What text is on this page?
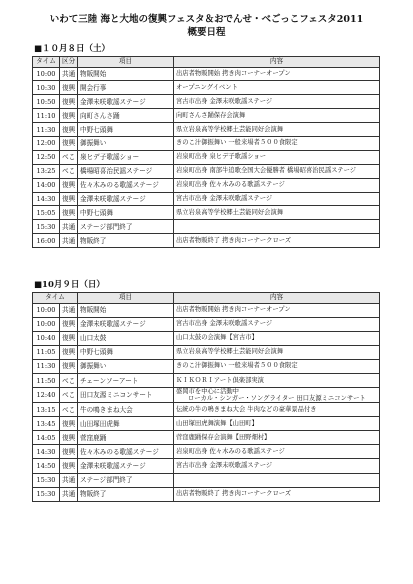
いわて三陸 海と大地の復興フェスタ＆おでんせ・べごっこフェスタ2011
概要日程
■１０月８日（土）
タイム	区分	項目	内容
10:00	共通	物販開始	出店者物販開始 拷き肉コーナーオープン
10:30	復興	開会行事	オープニングイベント
10:50	復興	金澤未咲歌謡ステージ	宮古市出身 金澤未咲歌謡ステージ
11:10	復興	向町さんさ踊	向町さんさ踊保存会演舞
11:30	復興	中野七頭舞	県立岩泉高等学校郷土芸能同好会演舞
12:00	復興	御振舞い	きのこ汁御振舞い 一般来場者５００食限定
12:50	べこ	泉ヒデ子歌謡ショー	岩泉町出身 泉ヒデ子歌謡ショー
13:25	べこ	橋場昭喜治民謡ステージ	岩泉町出身 南部牛追歌全国大会優勝者 橋場昭喜治民謡ステージ
14:00	復興	佐々木みのる歌謡ステージ	岩泉町出身 佐々木みのる歌謡ステージ
14:30	復興	金澤未咲歌謡ステージ	宮古市出身 金澤未咲歌謡ステージ
15:05	復興	中野七頭舞	県立岩泉高等学校郷土芸能同好会演舞
15:30	共通	ステージ部門終了	
16:00	共通	物販終了	出店者物販終了 拷き肉コーナークローズ
■10月９日（日）
タイム		項目	内容
10:00	共通	物販開始	出店者物販開始 拷き肉コーナーオープン
10:00	復興	金澤未咲歌謡ステージ	宮古市出身 金澤未咲歌謡ステージ
10:40	復興	山口太鼓	山口太鼓の会演舞【宮古市】
11:05	復興	中野七頭舞	県立岩泉高等学校郷土芸能同好会演舞
11:30	復興	御振舞い	きのこ汁御振舞い 一般来場者５００食限定
11:50	べこ	チェーンソーアート	ＫＩＫＯＲＩアート倶楽部実演
12:40	べこ	田口友源ミニコンサート	盛岡市を中心に活動中
ローカル・シンガー・ソングライター 田口友源ミニコンサート

13:15	べこ	牛の鳴きまね大会	伝統の牛の鳴きまね大会 牛肉などの豪華景品付き
13:45	復興	山田塚田虎舞	山田塚田虎舞演舞【山田町】
14:05	復興	菅窪鹿踊	菅窪鹿踊保存会演舞【田野畑村】
14:30	復興	佐々木みのる歌謡ステージ	岩泉町出身 佐々木みのる歌謡ステージ
14:50	復興	金澤未咲歌謡ステージ	宮古市出身 金澤未咲歌謡ステージ
15:30	共通	ステージ部門終了	
15:30	共通	物販終了	出店者物販終了 拷き肉コーナークローズ
